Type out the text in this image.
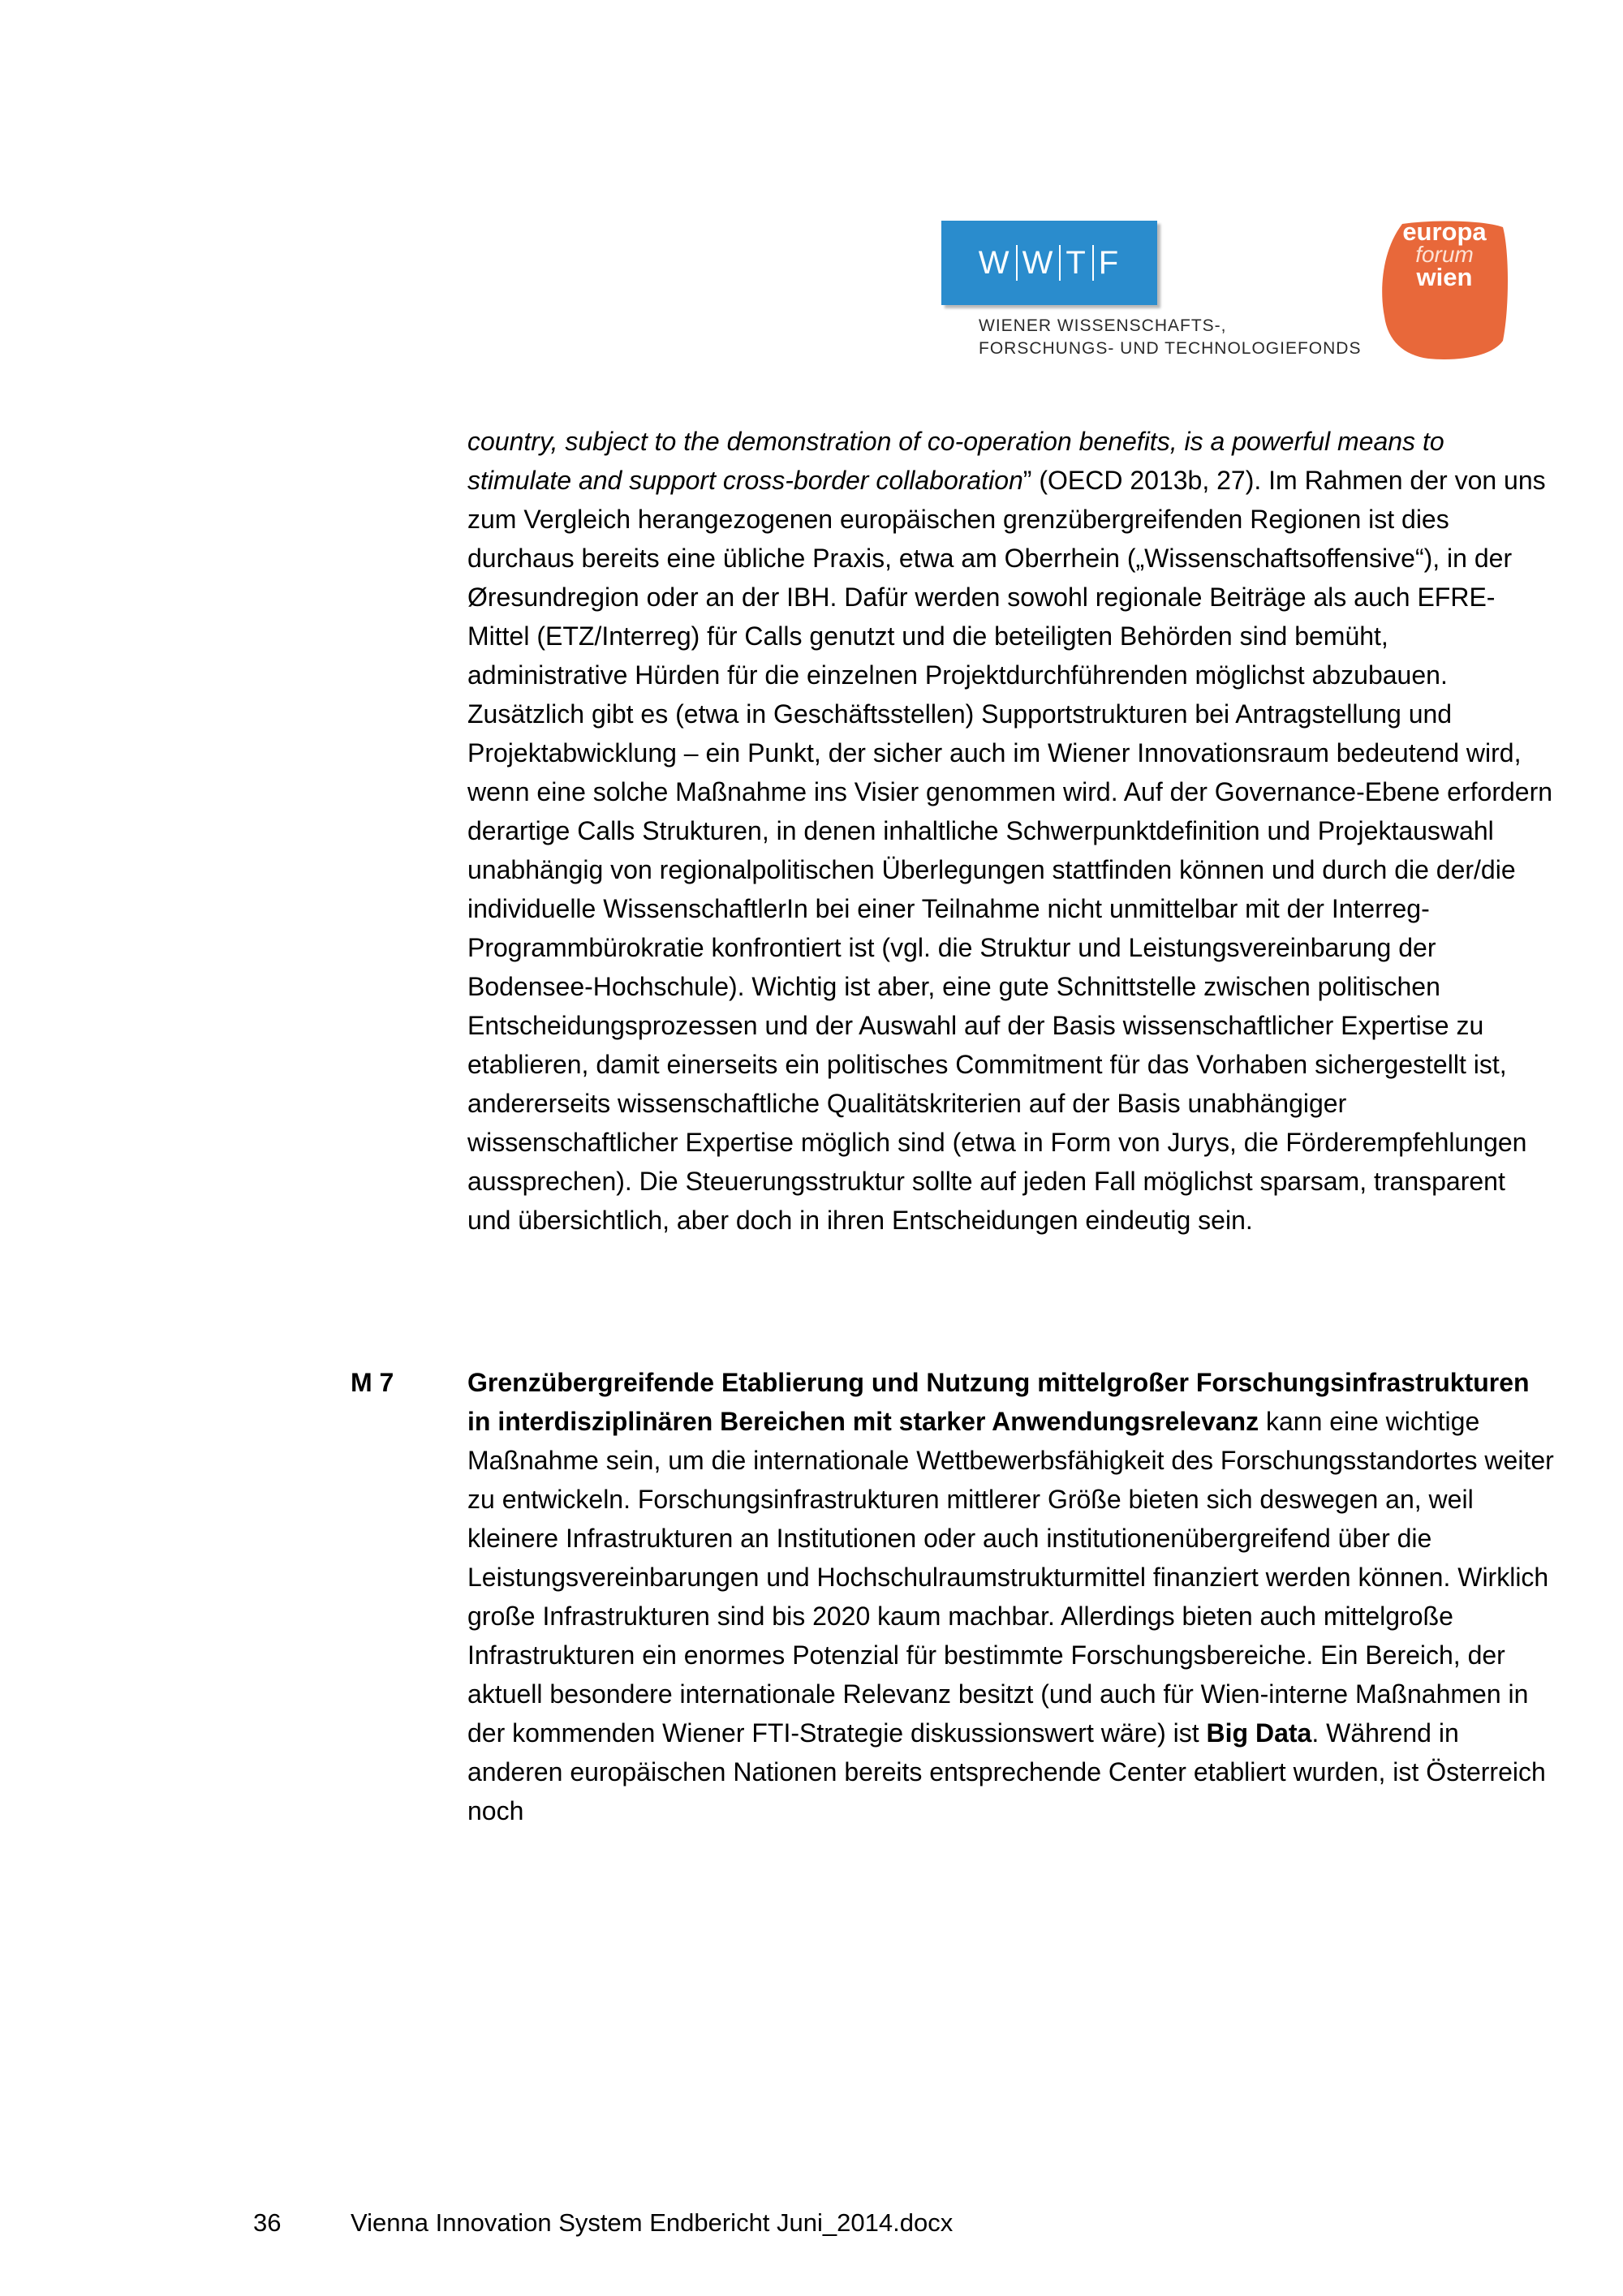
W W T F
WIENER WISSENSCHAFTS-,
FORSCHUNGS- UND TECHNOLOGIEFONDS
europa
forum
wien
country, subject to the demonstration of co-operation benefits, is a powerful means to stimulate and support cross-border collaboration” (OECD 2013b, 27). Im Rahmen der von uns zum Vergleich herangezogenen europäischen grenzübergreifenden Regionen ist dies durchaus bereits eine übliche Praxis, etwa am Oberrhein („Wissenschaftsoffensive“), in der Øresundregion oder an der IBH. Dafür werden sowohl regionale Beiträge als auch EFRE-Mittel (ETZ/Interreg) für Calls genutzt und die beteiligten Behörden sind bemüht, administrative Hürden für die einzelnen Projektdurchführenden möglichst abzubauen. Zusätzlich gibt es (etwa in Geschäftsstellen) Supportstrukturen bei Antragstellung und Projektabwicklung – ein Punkt, der sicher auch im Wiener Innovationsraum bedeutend wird, wenn eine solche Maßnahme ins Visier genommen wird. Auf der Governance-Ebene erfordern derartige Calls Strukturen, in denen inhaltliche Schwerpunktdefinition und Projektauswahl unabhängig von regionalpolitischen Überlegungen stattfinden können und durch die der/die individuelle WissenschaftlerIn bei einer Teilnahme nicht unmittelbar mit der Interreg-Programmbürokratie konfrontiert ist (vgl. die Struktur und Leistungsvereinbarung der Bodensee-Hochschule). Wichtig ist aber, eine gute Schnittstelle zwischen politischen Entscheidungsprozessen und der Auswahl auf der Basis wissenschaftlicher Expertise zu etablieren, damit einerseits ein politisches Commitment für das Vorhaben sichergestellt ist, andererseits wissenschaftliche Qualitätskriterien auf der Basis unabhängiger wissenschaftlicher Expertise möglich sind (etwa in Form von Jurys, die Förderempfehlungen aussprechen). Die Steuerungsstruktur sollte auf jeden Fall möglichst sparsam, transparent und übersichtlich, aber doch in ihren Entscheidungen eindeutig sein.
M 7	Grenzübergreifende Etablierung und Nutzung mittelgroßer Forschungsinfrastrukturen in interdisziplinären Bereichen mit starker Anwendungsrelevanz kann eine wichtige Maßnahme sein, um die internationale Wettbewerbsfähigkeit des Forschungsstandortes weiter zu entwickeln. Forschungsinfrastrukturen mittlerer Größe bieten sich deswegen an, weil kleinere Infrastrukturen an Institutionen oder auch institutionenübergreifend über die Leistungsvereinbarungen und Hochschulraumstrukturmittel finanziert werden können. Wirklich große Infrastrukturen sind bis 2020 kaum machbar. Allerdings bieten auch mittelgroße Infrastrukturen ein enormes Potenzial für bestimmte Forschungsbereiche. Ein Bereich, der aktuell besondere internationale Relevanz besitzt (und auch für Wien-interne Maßnahmen in der kommenden Wiener FTI-Strategie diskussionswert wäre) ist Big Data. Während in anderen europäischen Nationen bereits entsprechende Center etabliert wurden, ist Österreich noch
36	Vienna Innovation System Endbericht Juni_2014.docx
